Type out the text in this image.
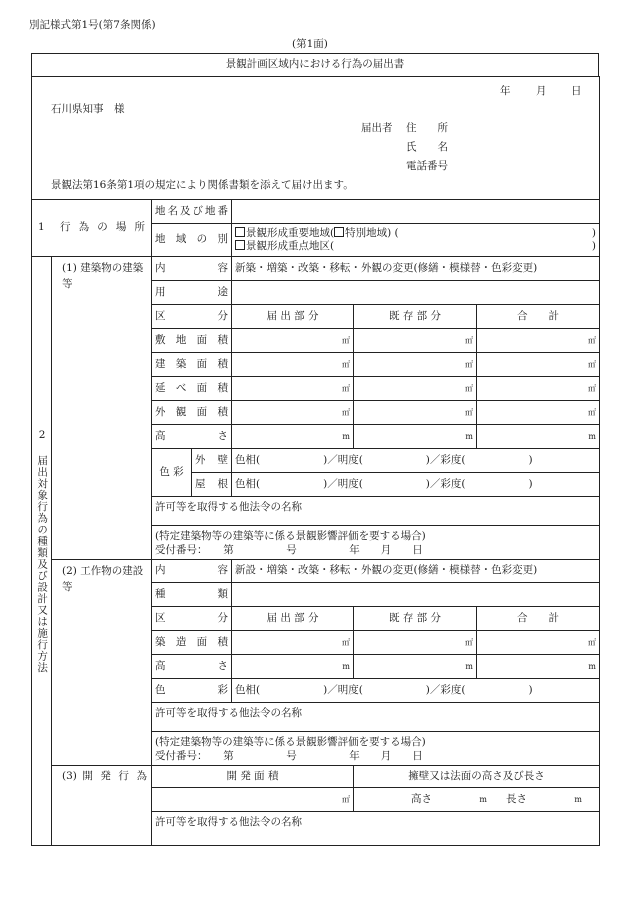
別記様式第1号(第7条関係)
(第1面)
景観計画区域内における行為の届出書
年 月 日
石川県知事　様
届出者 住　　所
氏　　名
電話番号
景観法第16条第1項の規定により関係書類を添えて届け出ます。
1　行 為 の 場 所	地名及び地番	
	地 域 の 別	景観形成重要地域( 特別地域) ( )
景観形成重点地区( )
2 届出対象行為の種類及び設計又は施行方法	(1) 建築物の建築等	内　　容		新築・増築・改築・移転・外観の変更(修繕・模様替・色彩変更)		
		用　　途				
		区　　分		届 出 部 分	既 存 部 分	合　　計
		敷 地 面 積		㎡	㎡	㎡
		建 築 面 積		㎡	㎡	㎡
		延 べ 面 積		㎡	㎡	㎡
		外 観 面 積		㎡	㎡	㎡
		高　　さ		m	m	m
		色 彩	外 壁	色相(　　　　　　)／明度(　　　　　　)／彩度(　　　　　　)		
			屋 根	色相(　　　　　　)／明度(　　　　　　)／彩度(　　　　　　)		
		許可等を取得する他法令の名称				

		(特定建築物等の建築等に係る景観影響評価を要する場合)
受付番号：　　第　　　　　号　　　　　年　　月　　日				

	(2) 工作物の建設等	内　　容		新設・増築・改築・移転・外観の変更(修繕・模様替・色彩変更)		
		種　　類				
		区　　分		届 出 部 分	既 存 部 分	合　　計
		築 造 面 積		㎡	㎡	㎡
		高　　さ		m	m	m
		色　　彩		色相(　　　　　　)／明度(　　　　　　)／彩度(　　　　　　)		
		許可等を取得する他法令の名称				

		(特定建築物等の建築等に係る景観影響評価を要する場合)
受付番号：　　第　　　　　号　　　　　年　　月　　日				

	(3) 開 発 行 為	開 発 面 積			擁壁又は法面の高さ及び長さ	
		㎡			高さ m 長さ m	
		許可等を取得する他法令の名称				
